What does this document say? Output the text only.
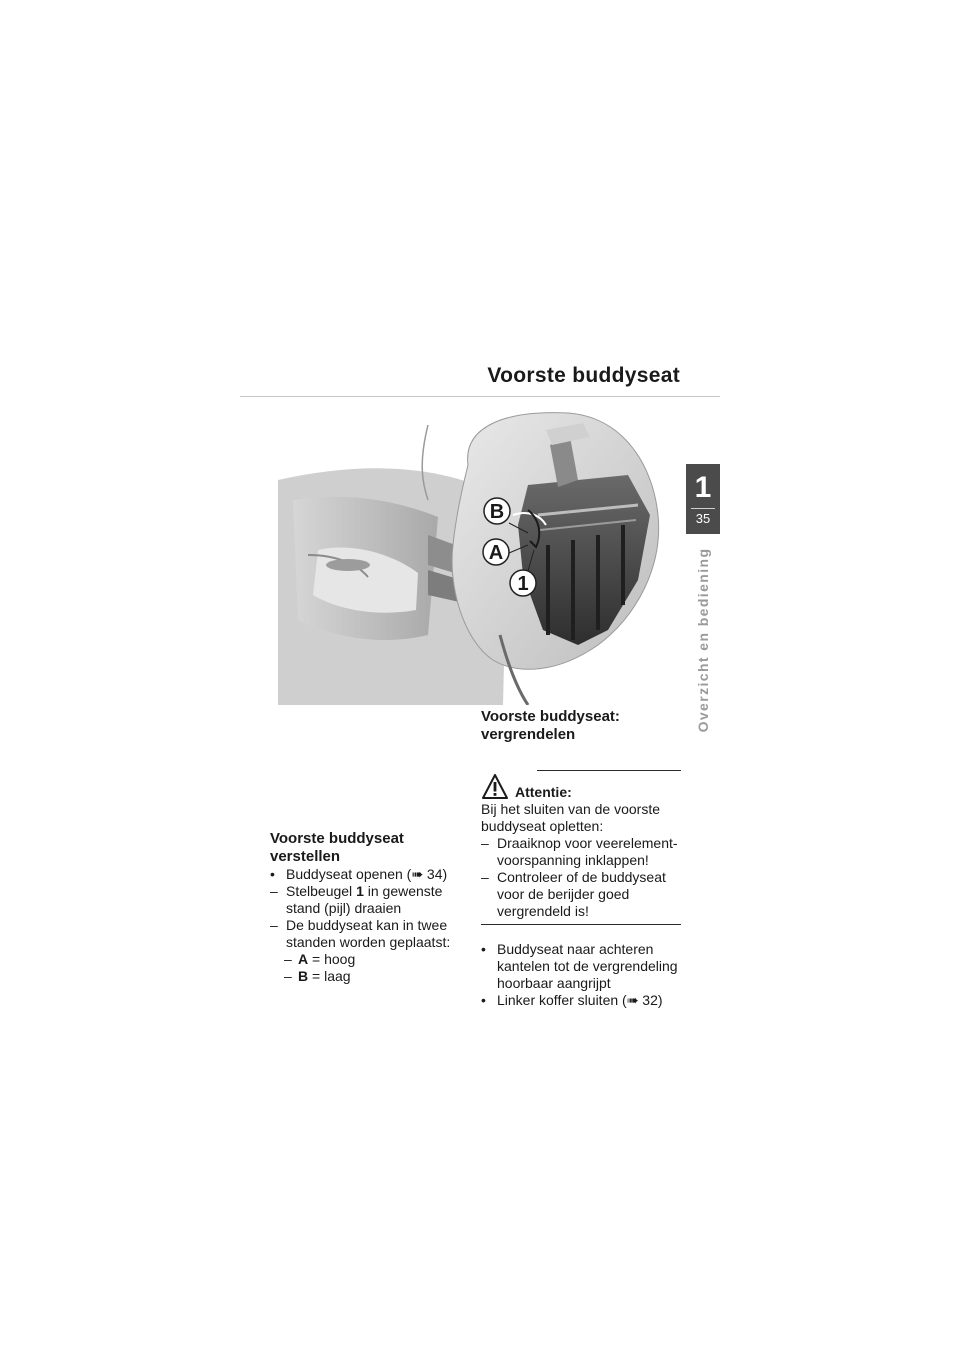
Voorste buddyseat
1
35
Overzicht en bediening
B
A
1
Voorste buddyseat verstellen
• Buddyseat openen (➠ 34)
– Stelbeugel 1 in gewenste stand (pijl) draaien
– De buddyseat kan in twee standen worden geplaatst:
– A = hoog
– B = laag
Voorste buddyseat: vergrendelen
Attentie:

Bij het sluiten van de voorste buddyseat opletten:

– Draaiknop voor veerelement-voorspanning inklappen!
– Controleer of de buddyseat voor de berijder goed vergrendeld is!
• Buddyseat naar achteren kantelen tot de vergrendeling hoorbaar aangrijpt
• Linker koffer sluiten (➠ 32)
